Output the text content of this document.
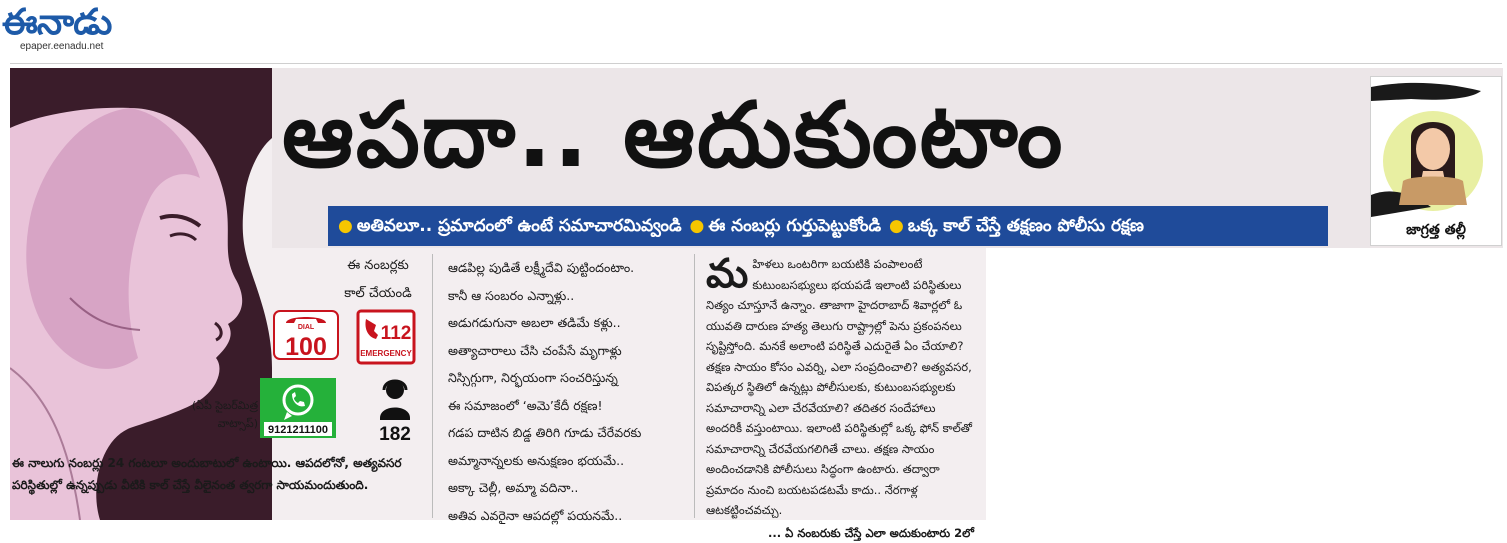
ఈనాడు
epaper.eenadu.net
ఆపదా.. ఆదుకుంటాం
జాగ్రత్త తల్లీ
● అతివలూ.. ప్రమాదంలో ఉంటే సమాచారమివ్వండి ● ఈ నంబర్లు గుర్తుపెట్టుకోండి ● ఒక్క కాల్ చేస్తే తక్షణం పోలీసు రక్షణ
ఈ నంబర్లకు
కాల్ చేయండి
DIAL
100	112
EMERGENCY
(ఏపీ సైబర్‌మిత్ర వాట్సాప్) 9121211100	182
ఈ నాలుగు నంబర్లు 24 గంటలూ అందుబాటులో ఉంటాయి. ఆపదలోనో, అత్యవసర పరిస్థితుల్లో ఉన్నప్పుడు వీటికి కాల్ చేస్తే వీలైనంత త్వరగా సాయమందుతుంది.
ఆడపిల్ల పుడితే లక్ష్మీదేవి పుట్టిందంటాం.
కానీ ఆ సంబరం ఎన్నాళ్లు..
అడుగడుగునా అబలా తడిమే కళ్లు..
అత్యాచారాలు చేసి చంపేసే మృగాళ్లు
నిస్సిగ్గుగా, నిర్భయంగా సంచరిస్తున్న
ఈ సమాజంలో ‘అమె’కేదీ రక్షణ!
గడప దాటిన బిడ్డ తిరిగి గూడు చేరేవరకు
అమ్మానాన్నలకు అనుక్షణం భయమే..
అక్కా చెల్లీ, అమ్మా వదినా..
అతివ ఎవరైనా ఆపదల్లో పయనమే..
మ హిళలు ఒంటరిగా బయటికి పంపాలంటే కుటుంబసభ్యులు భయపడే ఇలాంటి పరిస్థితులు నిత్యం చూస్తూనే ఉన్నాం. తాజాగా హైదరాబాద్ శివార్లలో ఓ యువతి దారుణ హత్య తెలుగు రాష్ట్రాల్లో పెను ప్రకంపనలు సృష్టిస్తోంది. మనకే అలాంటి పరిస్థితే ఎదురైతే ఏం చేయాలి? తక్షణ సాయం కోసం ఎవర్ని, ఎలా సంప్రదించాలి? అత్యవసర, విపత్కర స్థితిలో ఉన్నట్లు పోలీసులకు, కుటుంబసభ్యులకు సమాచారాన్ని ఎలా చేరవేయాలి? తదితర సందేహాలు అందరికీ వస్తుంటాయి. ఇలాంటి పరిస్థితుల్లో ఒక్క ఫోన్ కాల్‌తో సమాచారాన్ని చేరవేయగలిగితే చాలు. తక్షణ సాయం అందించడానికి పోలీసులు సిద్ధంగా ఉంటారు. తద్వారా ప్రమాదం నుంచి బయటపడటమే కాదు.. నేరగాళ్ల ఆటకట్టించవచ్చు.
... ఏ నంబరుకు చేస్తే ఎలా అదుకుంటారు 2లో
